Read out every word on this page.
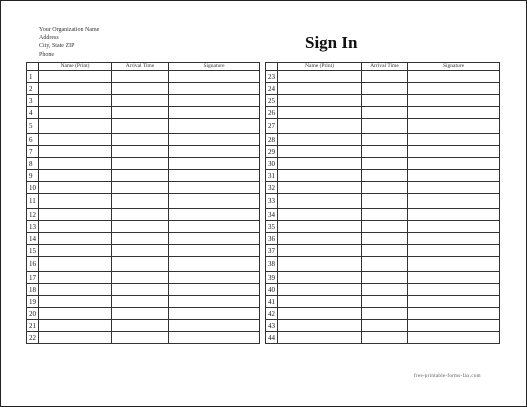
Your Organization Name
Address
City, State ZIP
Phone
Sign In
	Name (Print)	Arrival Time	Signature
1			
2			
3			
4			
5			
6			
7			
8			
9			
10			
11			
12			
13			
14			
15			
16			
17			
18			
19			
20			
21			
22			
	Name (Print)	Arrival Time	Signature
23			
24			
25			
26			
27			
28			
29			
30			
31			
32			
33			
34			
35			
36			
37			
38			
39			
40			
41			
42			
43			
44			
free-printable-forms-fax.com
